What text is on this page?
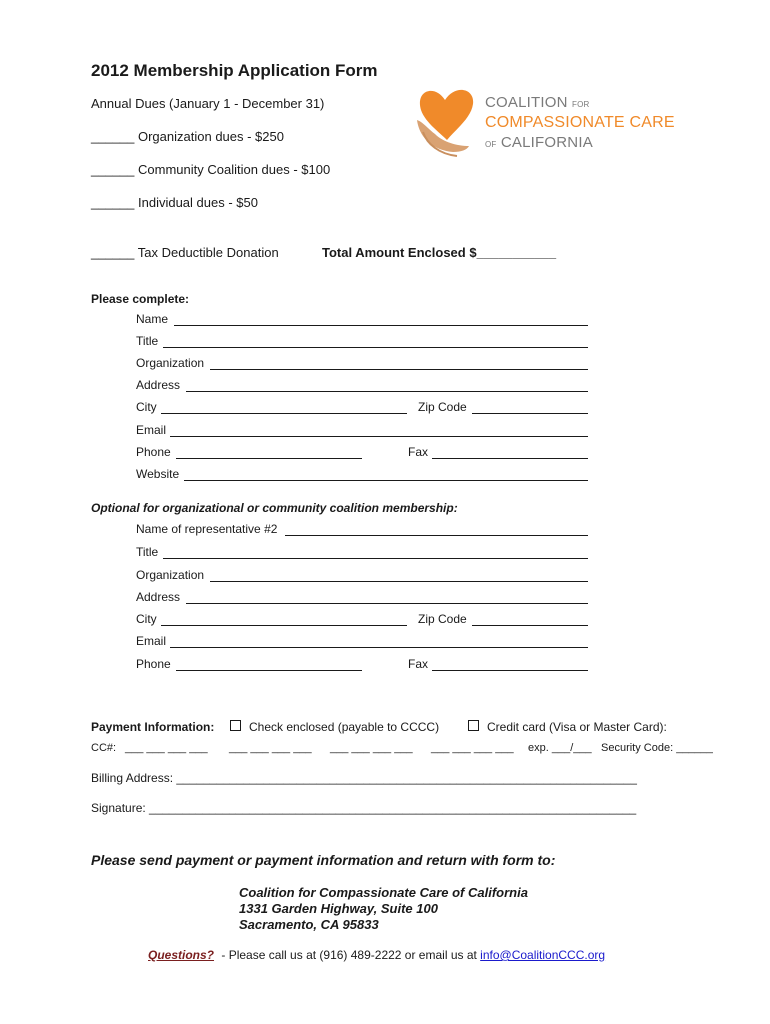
2012 Membership Application Form
Annual Dues (January 1 - December 31)
______ Organization dues - $250
______ Community Coalition dues - $100
______ Individual dues - $50
______ Tax Deductible Donation	Total Amount Enclosed $___________
COALITION FOR
COMPASSIONATE CARE
OF CALIFORNIA
Please complete:
Name
Title
Organization
Address
City	Zip Code
Email
Phone	Fax
Website
Optional for organizational or community coalition membership:
Name of representative #2
Title
Organization
Address
City	Zip Code
Email
Phone	Fax
Payment Information:	Check enclosed (payable to CCCC)	Credit card (Visa or Master Card):
CC#: ___ ___ ___ ___ ___ ___ ___ ___ ___ ___ ___ ___ ___ ___ ___ ___ exp. ___/___ Security Code: ______
Billing Address: _____________________________________________________________________
Signature: _________________________________________________________________________
Please send payment or payment information and return with form to:
Coalition for Compassionate Care of California
1331 Garden Highway, Suite 100
Sacramento, CA 95833
Questions? - Please call us at (916) 489-2222 or email us at info@CoalitionCCC.org
